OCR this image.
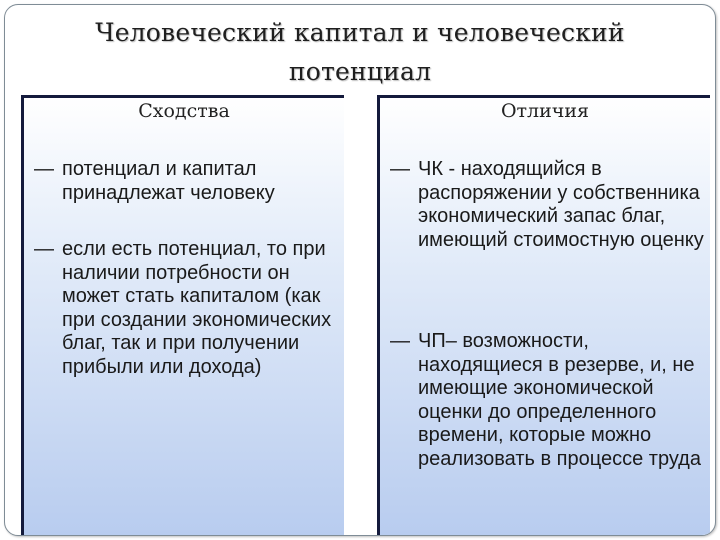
Человеческий капитал и человеческий
потенциал
Сходства
— потенциал и капитал принадлежат человеку
— если есть потенциал, то при наличии потребности он может стать капиталом (как при создании экономических благ, так и при получении прибыли или дохода)
Отличия
— ЧК - находящийся в распоряжении у собственника экономический запас благ, имеющий стоимостную оценку
— ЧП– возможности, находящиеся в резерве, и, не имеющие экономической оценки до определенного времени, которые можно реализовать в процессе труда
